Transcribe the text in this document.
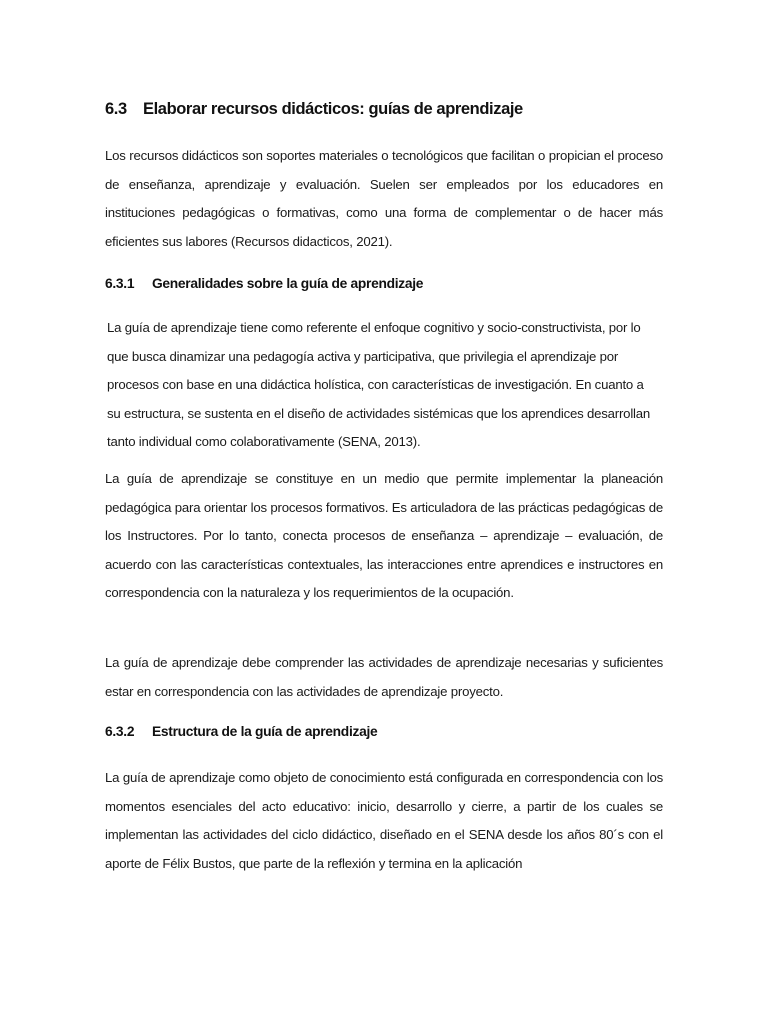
6.3 Elaborar recursos didácticos: guías de aprendizaje
Los recursos didácticos son soportes materiales o tecnológicos que facilitan o propician el proceso de enseñanza, aprendizaje y evaluación. Suelen ser empleados por los educadores en instituciones pedagógicas o formativas, como una forma de complementar o de hacer más eficientes sus labores (Recursos didacticos, 2021).
6.3.1 Generalidades sobre la guía de aprendizaje
La guía de aprendizaje tiene como referente el enfoque cognitivo y socio-constructivista, por lo que busca dinamizar una pedagogía activa y participativa, que privilegia el aprendizaje por procesos con base en una didáctica holística, con características de investigación. En cuanto a su estructura, se sustenta en el diseño de actividades sistémicas que los aprendices desarrollan tanto individual como colaborativamente (SENA, 2013).
La guía de aprendizaje se constituye en un medio que permite implementar la planeación pedagógica para orientar los procesos formativos. Es articuladora de las prácticas pedagógicas de los Instructores. Por lo tanto, conecta procesos de enseñanza – aprendizaje – evaluación, de acuerdo con las características contextuales, las interacciones entre aprendices e instructores en correspondencia con la naturaleza y los requerimientos de la ocupación.
La guía de aprendizaje debe comprender las actividades de aprendizaje necesarias y suficientes estar en correspondencia con las actividades de aprendizaje proyecto.
6.3.2 Estructura de la guía de aprendizaje
La guía de aprendizaje como objeto de conocimiento está configurada en correspondencia con los momentos esenciales del acto educativo: inicio, desarrollo y cierre, a partir de los cuales se implementan las actividades del ciclo didáctico, diseñado en el SENA desde los años 80´s con el aporte de Félix Bustos, que parte de la reflexión y termina en la aplicación
